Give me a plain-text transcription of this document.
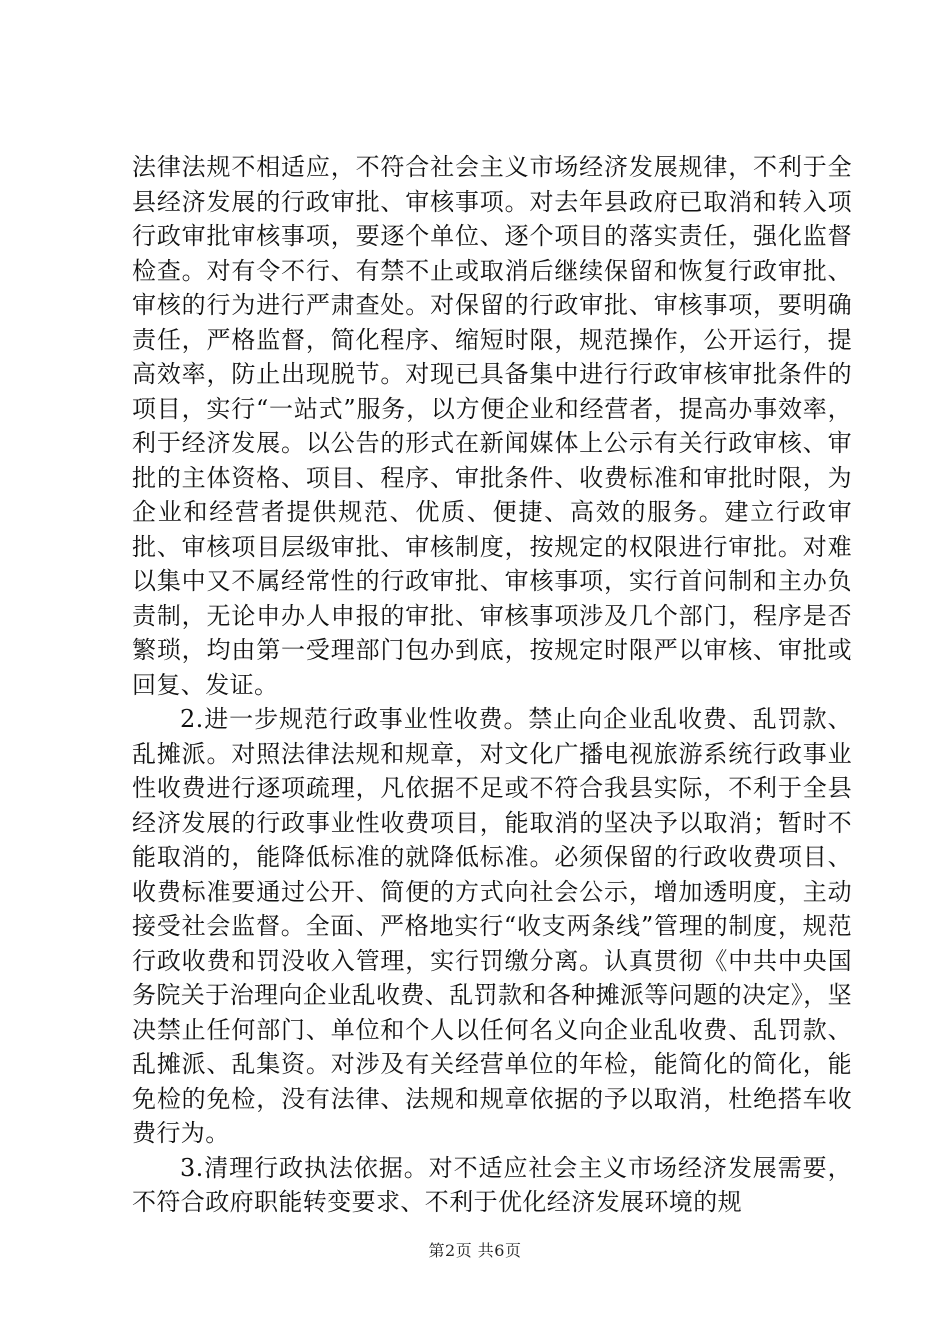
法律法规不相适应，不符合社会主义市场经济发展规律，不利于全县经济发展的行政审批、审核事项。对去年县政府已取消和转入项行政审批审核事项，要逐个单位、逐个项目的落实责任，强化监督检查。对有令不行、有禁不止或取消后继续保留和恢复行政审批、审核的行为进行严肃查处。对保留的行政审批、审核事项，要明确责任，严格监督，简化程序、缩短时限，规范操作，公开运行，提高效率，防止出现脱节。对现已具备集中进行行政审核审批条件的项目，实行“一站式”服务，以方便企业和经营者，提高办事效率，利于经济发展。以公告的形式在新闻媒体上公示有关行政审核、审批的主体资格、项目、程序、审批条件、收费标准和审批时限，为企业和经营者提供规范、优质、便捷、高效的服务。建立行政审批、审核项目层级审批、审核制度，按规定的权限进行审批。对难以集中又不属经常性的行政审批、审核事项，实行首问制和主办负责制，无论申办人申报的审批、审核事项涉及几个部门，程序是否繁琐，均由第一受理部门包办到底，按规定时限严以审核、审批或回复、发证。

2.进一步规范行政事业性收费。禁止向企业乱收费、乱罚款、乱摊派。对照法律法规和规章，对文化广播电视旅游系统行政事业性收费进行逐项疏理，凡依据不足或不符合我县实际，不利于全县经济发展的行政事业性收费项目，能取消的坚决予以取消；暂时不能取消的，能降低标准的就降低标准。必须保留的行政收费项目、收费标准要通过公开、简便的方式向社会公示，增加透明度，主动接受社会监督。全面、严格地实行“收支两条线”管理的制度，规范行政收费和罚没收入管理，实行罚缴分离。认真贯彻《中共中央国务院关于治理向企业乱收费、乱罚款和各种摊派等问题的决定》，坚决禁止任何部门、单位和个人以任何名义向企业乱收费、乱罚款、乱摊派、乱集资。对涉及有关经营单位的年检，能简化的简化，能免检的免检，没有法律、法规和规章依据的予以取消，杜绝搭车收费行为。

3.清理行政执法依据。对不适应社会主义市场经济发展需要，不符合政府职能转变要求、不利于优化经济发展环境的规

第2页 共6页
